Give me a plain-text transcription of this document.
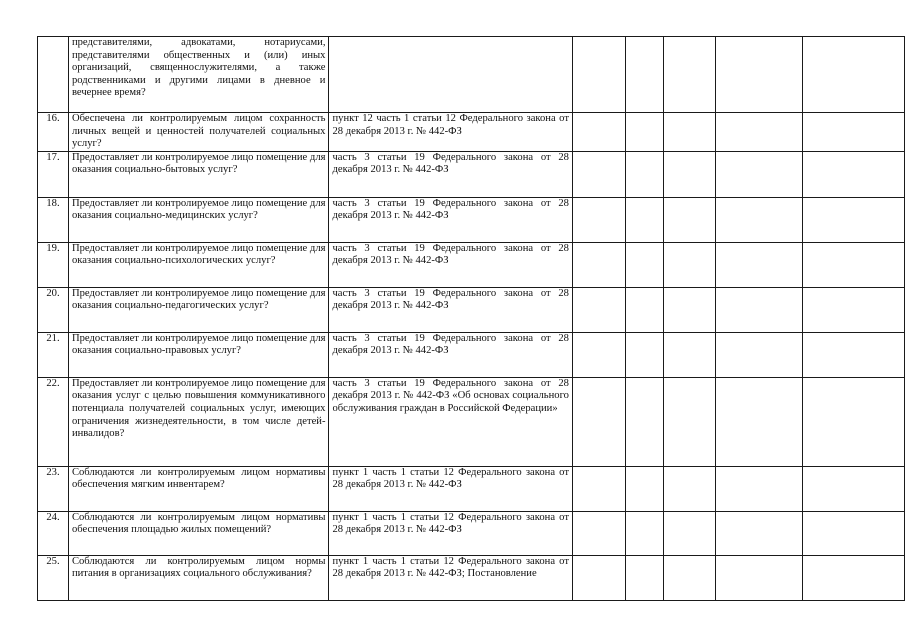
	представителями, адвокатами, нотариусами, представителями общественных и (или) иных организаций, священнослужителями, а также родственниками и другими лицами в дневное и вечернее время?						
16.	Обеспечена ли контролируемым лицом сохранность личных вещей и ценностей получателей социальных услуг?	пункт 12 часть 1 статьи 12 Федерального закона от 28 декабря 2013 г. № 442-ФЗ					
17.	Предоставляет ли контролируемое лицо помещение для оказания социально-бытовых услуг?	часть 3 статьи 19 Федерального закона от 28 декабря 2013 г. № 442-ФЗ					
18.	Предоставляет ли контролируемое лицо помещение для оказания социально-медицинских услуг?	часть 3 статьи 19 Федерального закона от 28 декабря 2013 г. № 442-ФЗ					
19.	Предоставляет ли контролируемое лицо помещение для оказания социально-психологических услуг?	часть 3 статьи 19 Федерального закона от 28 декабря 2013 г. № 442-ФЗ					
20.	Предоставляет ли контролируемое лицо помещение для оказания социально-педагогических услуг?	часть 3 статьи 19 Федерального закона от 28 декабря 2013 г. № 442-ФЗ					
21.	Предоставляет ли контролируемое лицо помещение для оказания социально-правовых услуг?	часть 3 статьи 19 Федерального закона от 28 декабря 2013 г. № 442-ФЗ					
22.	Предоставляет ли контролируемое лицо помещение для оказания услуг с целью повышения коммуникативного потенциала получателей социальных услуг, имеющих ограничения жизнедеятельности, в том числе детей-инвалидов?	часть 3 статьи 19 Федерального закона от 28 декабря 2013 г. № 442-ФЗ «Об основах социального обслуживания граждан в Российской Федерации»					
23.	Соблюдаются ли контролируемым лицом нормативы обеспечения мягким инвентарем?	пункт 1 часть 1 статьи 12 Федерального закона от 28 декабря 2013 г. № 442-ФЗ					
24.	Соблюдаются ли контролируемым лицом нормативы обеспечения площадью жилых помещений?	пункт 1 часть 1 статьи 12 Федерального закона от 28 декабря 2013 г. № 442-ФЗ					
25.	Соблюдаются ли контролируемым лицом нормы питания в организациях социального обслуживания?	пункт 1 часть 1 статьи 12 Федерального закона от 28 декабря 2013 г. № 442-ФЗ; Постановление					
